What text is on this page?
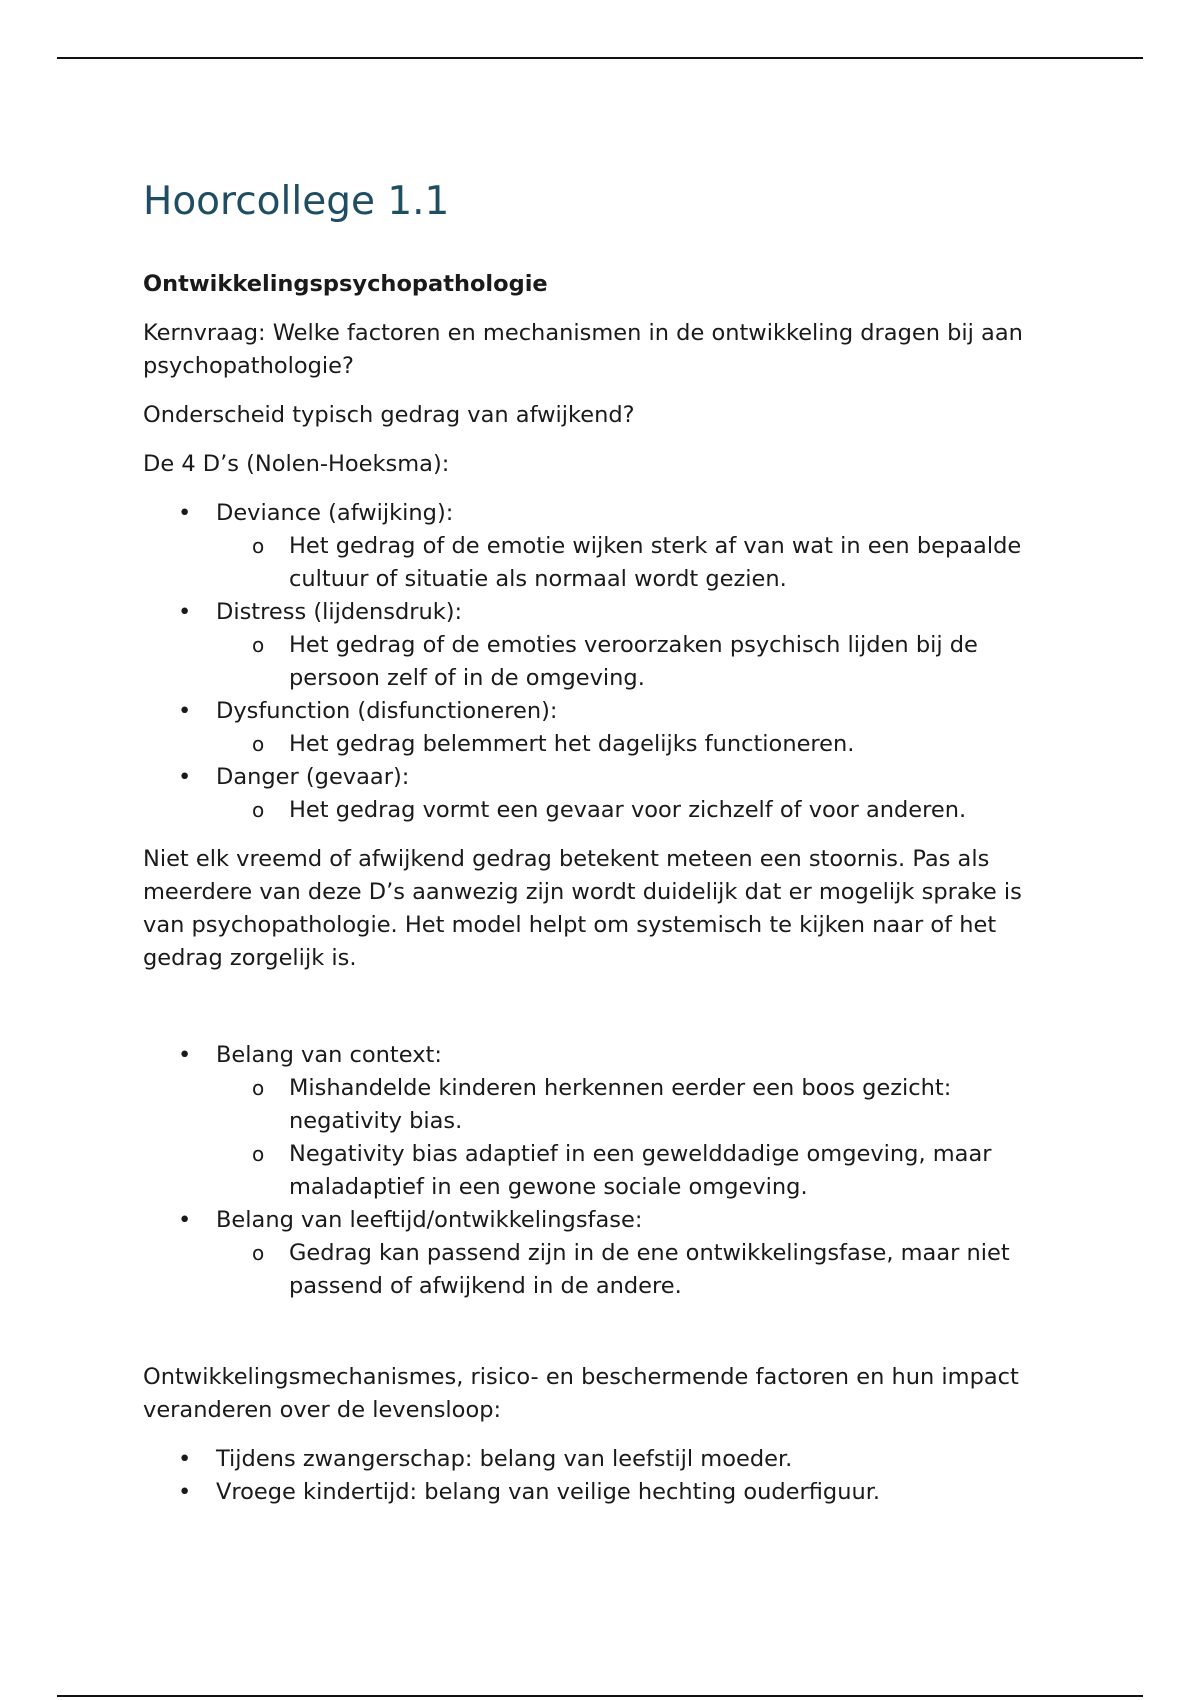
Hoorcollege 1.1
Ontwikkelingspsychopathologie

Kernvraag: Welke factoren en mechanismen in de ontwikkeling dragen bij aan psychopathologie?

Onderscheid typisch gedrag van afwijkend?

De 4 D’s (Nolen-Hoeksma):

• Deviance (afwijking):
o Het gedrag of de emotie wijken sterk af van wat in een bepaalde cultuur of situatie als normaal wordt gezien.
• Distress (lijdensdruk):
o Het gedrag of de emoties veroorzaken psychisch lijden bij de persoon zelf of in de omgeving.
• Dysfunction (disfunctioneren):
o Het gedrag belemmert het dagelijks functioneren.
• Danger (gevaar):
o Het gedrag vormt een gevaar voor zichzelf of voor anderen.

Niet elk vreemd of afwijkend gedrag betekent meteen een stoornis. Pas als meerdere van deze D’s aanwezig zijn wordt duidelijk dat er mogelijk sprake is van psychopathologie. Het model helpt om systemisch te kijken naar of het gedrag zorgelijk is.

• Belang van context:
o Mishandelde kinderen herkennen eerder een boos gezicht: negativity bias.
o Negativity bias adaptief in een gewelddadige omgeving, maar maladaptief in een gewone sociale omgeving.
• Belang van leeftijd/ontwikkelingsfase:
o Gedrag kan passend zijn in de ene ontwikkelingsfase, maar niet passend of afwijkend in de andere.

Ontwikkelingsmechanismes, risico- en beschermende factoren en hun impact veranderen over de levensloop:

• Tijdens zwangerschap: belang van leefstijl moeder.
• Vroege kindertijd: belang van veilige hechting ouderfiguur.
